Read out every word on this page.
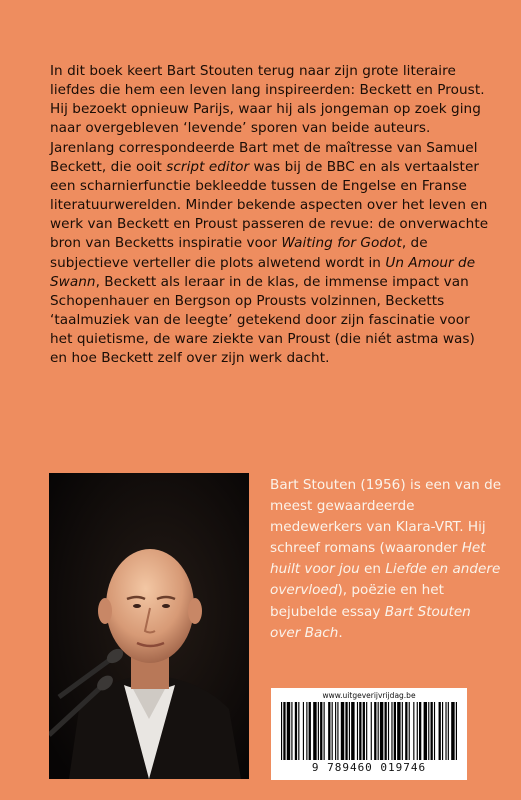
In dit boek keert Bart Stouten terug naar zijn grote literaire liefdes die hem een leven lang inspireerden: Beckett en Proust. Hij bezoekt opnieuw Parijs, waar hij als jongeman op zoek ging naar overgebleven ‘levende’ sporen van beide auteurs. Jarenlang correspondeerde Bart met de maîtresse van Samuel Beckett, die ooit script editor was bij de BBC en als vertaalster een scharnierfunctie bekleedde tussen de Engelse en Franse literatuurwerelden. Minder bekende aspecten over het leven en werk van Beckett en Proust passeren de revue: de onverwachte bron van Becketts inspiratie voor Waiting for Godot, de subjectieve verteller die plots alwetend wordt in Un Amour de Swann, Beckett als leraar in de klas, de immense impact van Schopenhauer en Bergson op Prousts volzinnen, Becketts ‘taalmuziek van de leegte’ getekend door zijn fascinatie voor het quietisme, de ware ziekte van Proust (die niét astma was) en hoe Beckett zelf over zijn werk dacht.

Bart Stouten (1956) is een van de meest gewaardeerde medewerkers van Klara-VRT. Hij schreef romans (waaronder Het huilt voor jou en Liefde en andere overvloed), poëzie en het bejubelde essay Bart Stouten over Bach.

www.uitgeverijvrijdag.be
9 789460 019746
